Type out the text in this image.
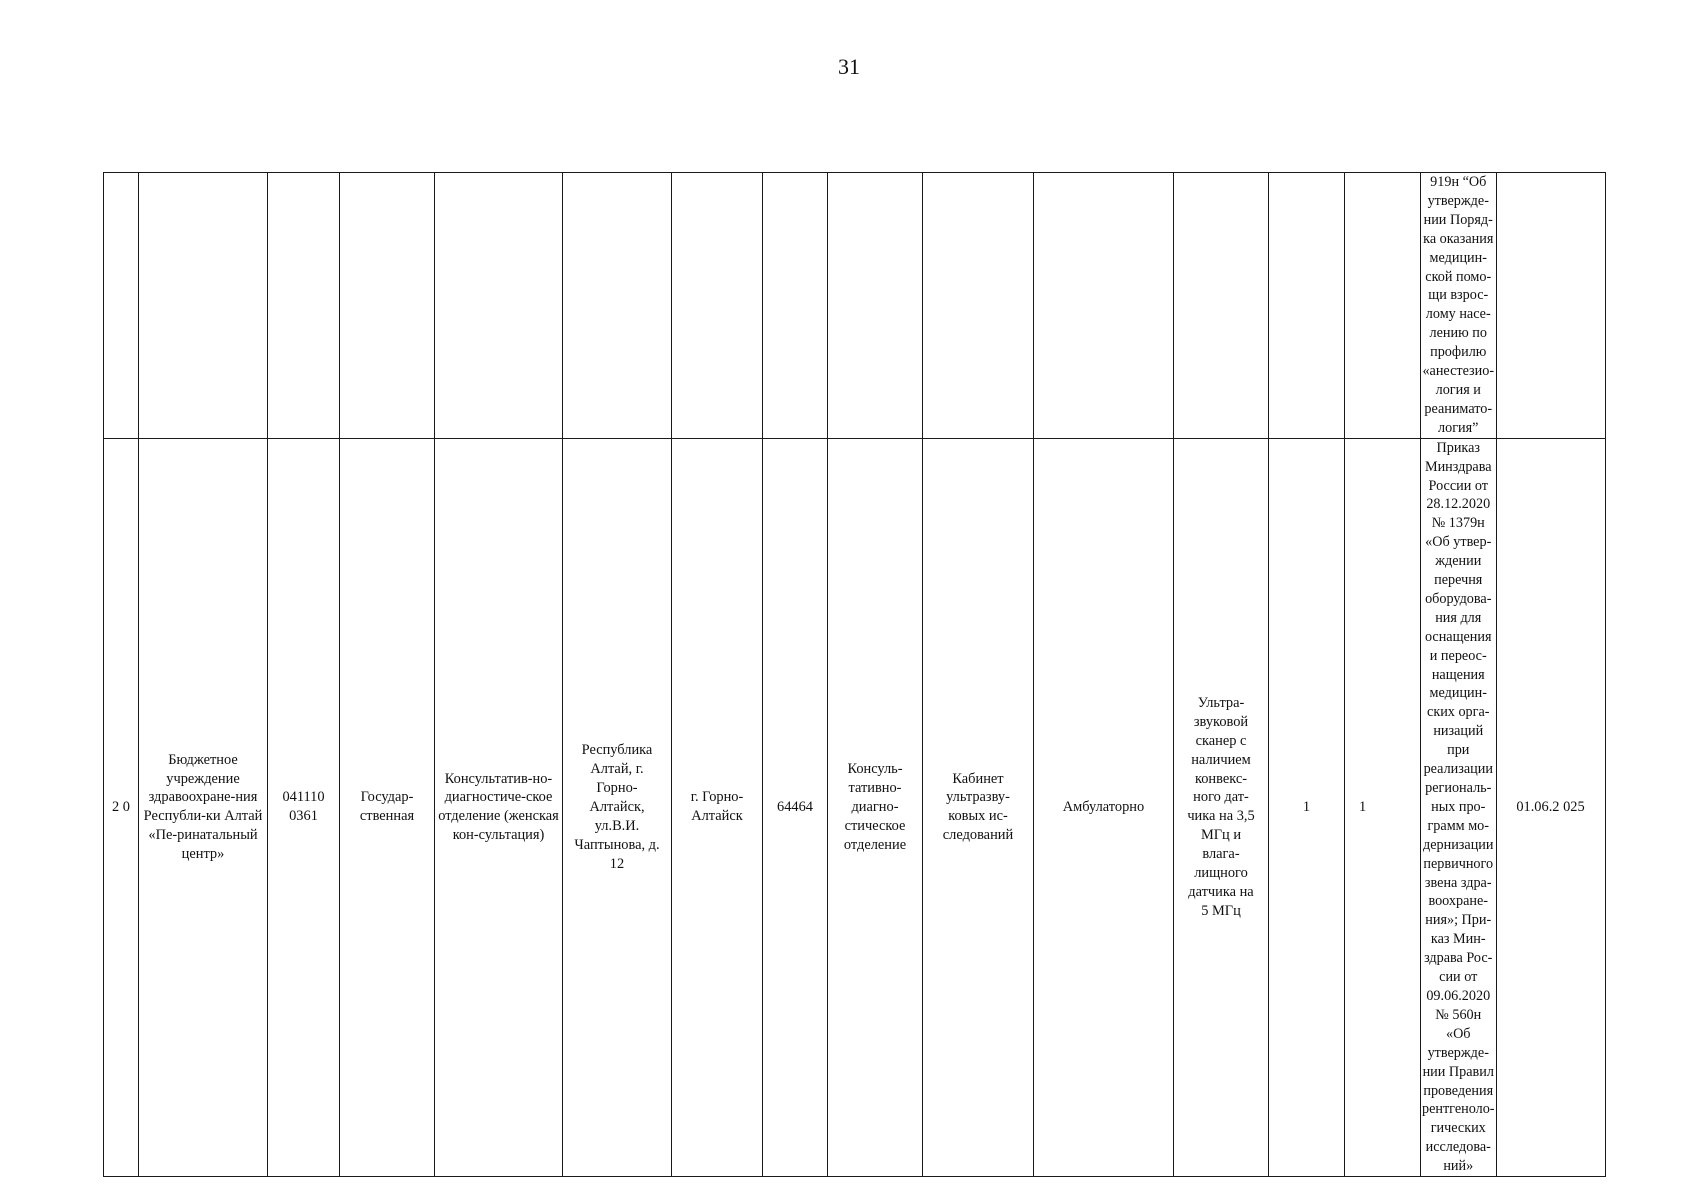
31
														919н “Об утвержде-нии Поряд-ка оказания медицин-ской помо-щи взрос-лому насе-лению по профилю «анестезио-логия и реанимато-логия”	
2 0	Бюджетное учреждение здравоохране-ния Республи-ки Алтай «Пе-ринатальный центр»	041110 0361	Государ-ственная	Консультатив-но-диагностиче-ское отделение (женская кон-сультация)	Республика Алтай, г. Горно-Алтайск, ул.В.И. Чаптынова, д. 12	г. Горно-Алтайск	64464	Консуль-тативно-диагно-стическое отделение	Кабинет ультразву-ковых ис-следований	Амбулаторно	Ультра-звуковой сканер с наличием конвекс-ного дат-чика на 3,5 МГц и влага-лищного датчика на 5 МГц	1	1	Приказ Минздрава России от 28.12.2020 № 1379н «Об утвер-ждении перечня оборудова-ния для оснащения и переос-нащения медицин-ских орга-низаций при реализации региональ-ных про-грамм мо-дернизации первичного звена здра-воохране-ния»; При-каз Мин-здрава Рос-сии от 09.06.2020 № 560н «Об утвержде-нии Правил проведения рентгеноло-гических исследова-ний»	01.06.2 025
